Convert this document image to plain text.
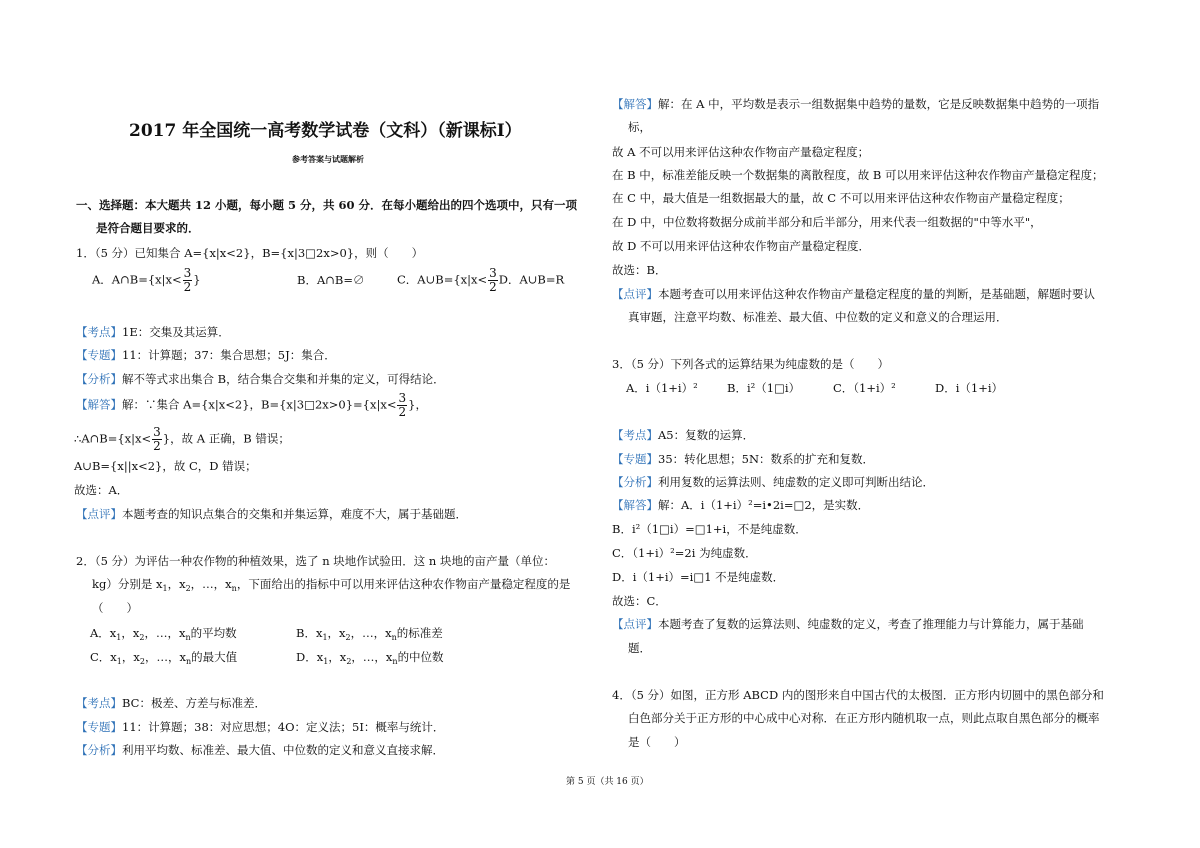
2017 年全国统一高考数学试卷（文科）（新课标Ⅰ）
参考答案与试题解析
一、选择题：本大题共 12 小题，每小题 5 分，共 60 分．在每小题给出的四个选项中，只有一项
是符合题目要求的．
1．（5 分）已知集合 A={x|x<2}，B={x|3□2x>0}，则（　　）
A．A∩B={x|x< $\frac{3}{2}$ }	B．A∩B=∅	C．A∪B={x|x< $\frac{3}{2}$ D．A∪B=R
【考点】1E：交集及其运算．
【专题】11：计算题；37：集合思想；5J：集合．
【分析】解不等式求出集合 B，结合集合交集和并集的定义，可得结论．
【解答】解：∵集合 A={x|x<2}，B={x|3□2x>0}={x|x< $\frac{3}{2}$ }，
∴A∩B={x|x< $\frac{3}{2}$ }，故 A 正确，B 错误；
A∪B={x||x<2}，故 C，D 错误；
故选：A．
【点评】本题考查的知识点集合的交集和并集运算，难度不大，属于基础题．
2．（5 分）为评估一种农作物的种植效果，选了 n 块地作试验田．这 n 块地的亩产量（单位：
kg）分别是 $x_1$，$x_2$，…，$x_n$，下面给出的指标中可以用来评估这种农作物亩产量稳定程度的是
（　　）
A．$x_1$，$x_2$，…，$x_n$的平均数	B．$x_1$，$x_2$，…，$x_n$的标准差
C．$x_1$，$x_2$，…，$x_n$的最大值	D．$x_1$，$x_2$，…，$x_n$的中位数
【考点】BC：极差、方差与标准差．
【专题】11：计算题；38：对应思想；4O：定义法；5I：概率与统计．
【分析】利用平均数、标准差、最大值、中位数的定义和意义直接求解．
【解答】解：在 A 中，平均数是表示一组数据集中趋势的量数，它是反映数据集中趋势的一项指
标，
故 A 不可以用来评估这种农作物亩产量稳定程度；
在 B 中，标准差能反映一个数据集的离散程度，故 B 可以用来评估这种农作物亩产量稳定程度；
在 C 中，最大值是一组数据最大的量，故 C 不可以用来评估这种农作物亩产量稳定程度；
在 D 中，中位数将数据分成前半部分和后半部分，用来代表一组数据的"中等水平"，
故 D 不可以用来评估这种农作物亩产量稳定程度．
故选：B．
【点评】本题考查可以用来评估这种农作物亩产量稳定程度的量的判断，是基础题，解题时要认
真审题，注意平均数、标准差、最大值、中位数的定义和意义的合理运用．
3．（5 分）下列各式的运算结果为纯虚数的是（　　）
A．i（1+i）²	B．i²（1□i）	C．（1+i）²	D．i（1+i）
【考点】A5：复数的运算．
【专题】35：转化思想；5N：数系的扩充和复数．
【分析】利用复数的运算法则、纯虚数的定义即可判断出结论．
【解答】解：A．i（1+i）²=i•2i=□2，是实数．
B．i²（1□i）=□1+i，不是纯虚数．
C．（1+i）²=2i 为纯虚数．
D．i（1+i）=i□1 不是纯虚数．
故选：C．
【点评】本题考查了复数的运算法则、纯虚数的定义，考查了推理能力与计算能力，属于基础
题．
4．（5 分）如图，正方形 ABCD 内的图形来自中国古代的太极图．正方形内切圆中的黑色部分和
白色部分关于正方形的中心成中心对称．在正方形内随机取一点，则此点取自黑色部分的概率
是（　　）
第 5 页（共 16 页）
